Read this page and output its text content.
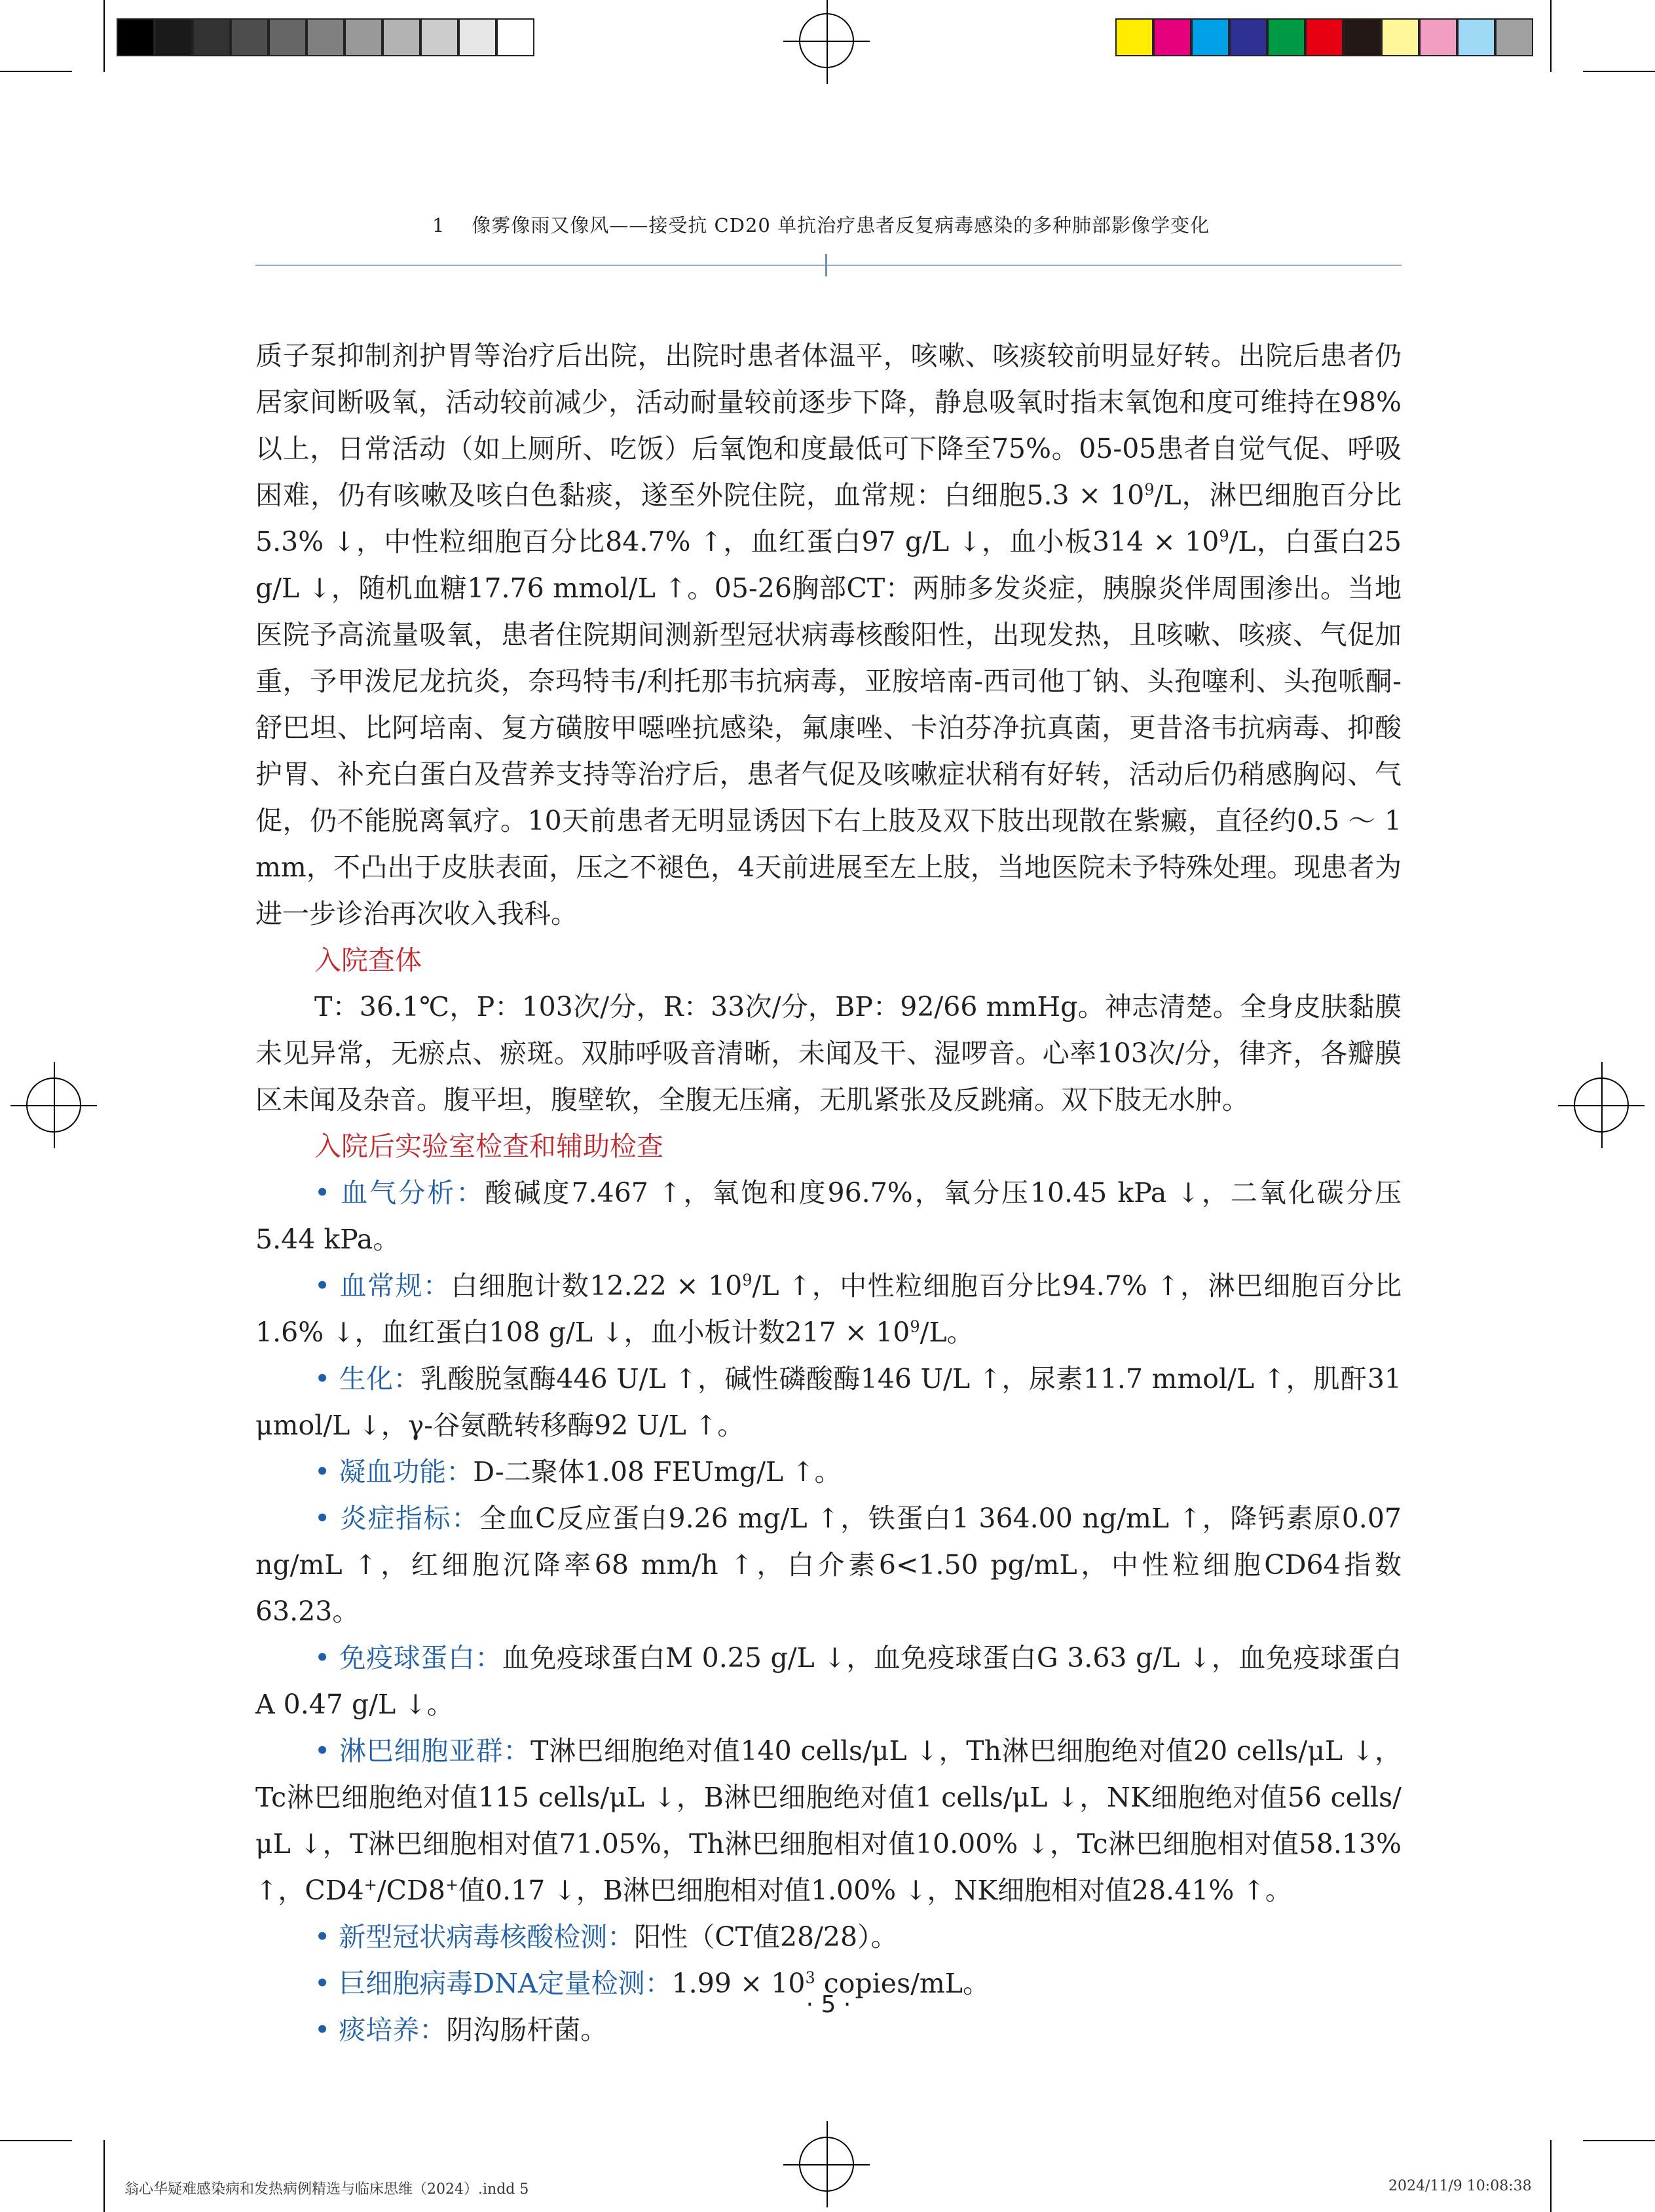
1 像雾像雨又像风——接受抗 CD20 单抗治疗患者反复病毒感染的多种肺部影像学变化

质子泵抑制剂护胃等治疗后出院，出院时患者体温平，咳嗽、咳痰较前明显好转。出院后患者仍居家间断吸氧，活动较前减少，活动耐量较前逐步下降，静息吸氧时指末氧饱和度可维持在98%以上，日常活动（如上厕所、吃饭）后氧饱和度最低可下降至75%。05-05患者自觉气促、呼吸困难，仍有咳嗽及咳白色黏痰，遂至外院住院，血常规：白细胞$5.3 \times 10^9/L$，淋巴细胞百分比5.3% ↓，中性粒细胞百分比84.7% ↑，血红蛋白97 g/L ↓，血小板$314 \times 10^9/L$，白蛋白25 g/L ↓，随机血糖17.76 mmol/L ↑。05-26胸部CT：两肺多发炎症，胰腺炎伴周围渗出。当地医院予高流量吸氧，患者住院期间测新型冠状病毒核酸阳性，出现发热，且咳嗽、咳痰、气促加重，予甲泼尼龙抗炎，奈玛特韦/利托那韦抗病毒，亚胺培南-西司他丁钠、头孢噻利、头孢哌酮-舒巴坦、比阿培南、复方磺胺甲噁唑抗感染，氟康唑、卡泊芬净抗真菌，更昔洛韦抗病毒、抑酸护胃、补充白蛋白及营养支持等治疗后，患者气促及咳嗽症状稍有好转，活动后仍稍感胸闷、气促，仍不能脱离氧疗。10天前患者无明显诱因下右上肢及双下肢出现散在紫癜，直径约0.5 ～ 1 mm，不凸出于皮肤表面，压之不褪色，4天前进展至左上肢，当地医院未予特殊处理。现患者为进一步诊治再次收入我科。

入院查体

T：36.1℃，P：103次/分，R：33次/分，BP：92/66 mmHg。神志清楚。全身皮肤黏膜未见异常，无瘀点、瘀斑。双肺呼吸音清晰，未闻及干、湿啰音。心率103次/分，律齐，各瓣膜区未闻及杂音。腹平坦，腹壁软，全腹无压痛，无肌紧张及反跳痛。双下肢无水肿。

入院后实验室检查和辅助检查

• 血气分析：酸碱度7.467 ↑，氧饱和度96.7%，氧分压10.45 kPa ↓，二氧化碳分压5.44 kPa。

• 血常规：白细胞计数$12.22 \times 10^9/L$ ↑，中性粒细胞百分比94.7% ↑，淋巴细胞百分比1.6% ↓，血红蛋白108 g/L ↓，血小板计数$217 \times 10^9/L$。

• 生化：乳酸脱氢酶446 U/L ↑，碱性磷酸酶146 U/L ↑，尿素11.7 mmol/L ↑，肌酐31 μmol/L ↓，γ-谷氨酰转移酶92 U/L ↑。

• 凝血功能：D-二聚体1.08 FEUmg/L ↑。

• 炎症指标：全血C反应蛋白9.26 mg/L ↑，铁蛋白1 364.00 ng/mL ↑，降钙素原0.07 ng/mL ↑，红细胞沉降率68 mm/h ↑，白介素6<1.50 pg/mL，中性粒细胞CD64指数63.23。

• 免疫球蛋白：血免疫球蛋白M 0.25 g/L ↓，血免疫球蛋白G 3.63 g/L ↓，血免疫球蛋白A 0.47 g/L ↓。

• 淋巴细胞亚群：T淋巴细胞绝对值140 cells/μL ↓，Th淋巴细胞绝对值20 cells/μL ↓，Tc淋巴细胞绝对值115 cells/μL ↓，B淋巴细胞绝对值1 cells/μL ↓，NK细胞绝对值56 cells/μL ↓，T淋巴细胞相对值71.05%，Th淋巴细胞相对值10.00% ↓，Tc淋巴细胞相对值58.13% ↑，CD4+/CD8+值0.17 ↓，B淋巴细胞相对值1.00% ↓，NK细胞相对值28.41% ↑。

• 新型冠状病毒核酸检测：阳性（CT值28/28）。

• 巨细胞病毒DNA定量检测：$1.99 \times 10^3$ copies/mL。

• 痰培养：阴沟肠杆菌。

· 5 ·
翁心华疑难感染病和发热病例精选与临床思维（2024）.indd 5	2024/11/9 10:08:38
